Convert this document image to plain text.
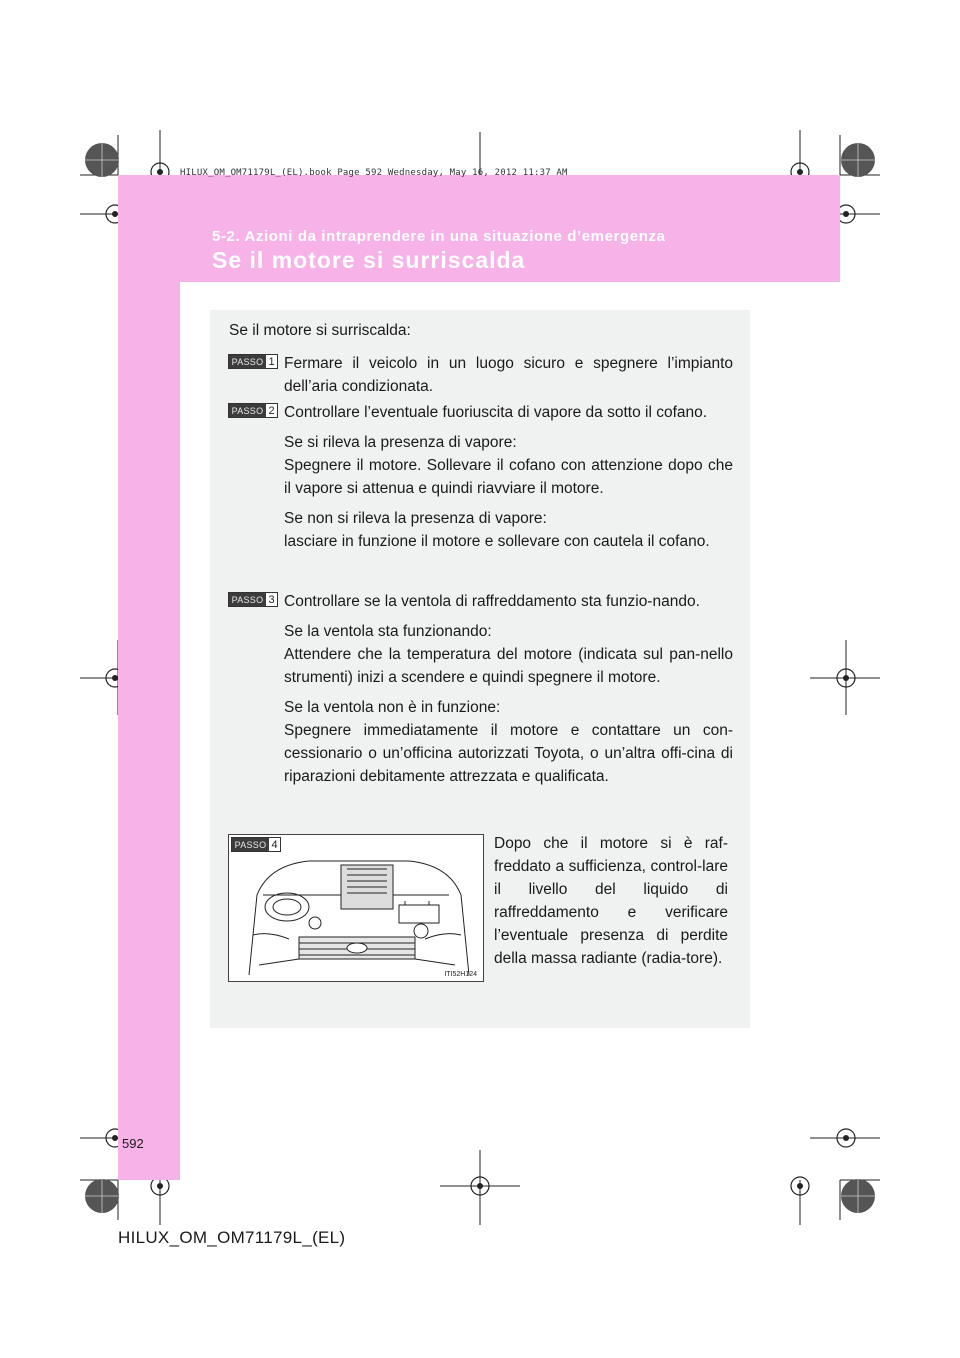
HILUX_OM_OM71179L_(EL).book Page 592 Wednesday, May 16, 2012 11:37 AM
5-2. Azioni da intraprendere in una situazione d’emergenza
Se il motore si surriscalda
Se il motore si surriscalda:
PASSO 1 Fermare il veicolo in un luogo sicuro e spegnere l’impianto dell’aria condizionata.

PASSO 2 Controllare l’eventuale fuoriuscita di vapore da sotto il cofano.

Se si rileva la presenza di vapore:

Spegnere il motore. Sollevare il cofano con attenzione dopo che il vapore si attenua e quindi riavviare il motore.

Se non si rileva la presenza di vapore:

lasciare in funzione il motore e sollevare con cautela il cofano.

PASSO 3 Controllare se la ventola di raffreddamento sta funzio-nando.

Se la ventola sta funzionando:

Attendere che la temperatura del motore (indicata sul pan-nello strumenti) inizi a scendere e quindi spegnere il motore.

Se la ventola non è in funzione:

Spegnere immediatamente il motore e contattare un con-cessionario o un’officina autorizzati Toyota, o un’altra offi-cina di riparazioni debitamente attrezzata e qualificata.

PASSO 4
ITI52H124

Dopo che il motore si è raf-freddato a sufficienza, control-lare il livello del liquido di raffreddamento e verificare l’eventuale presenza di perdite della massa radiante (radia-tore).

592
HILUX_OM_OM71179L_(EL)
